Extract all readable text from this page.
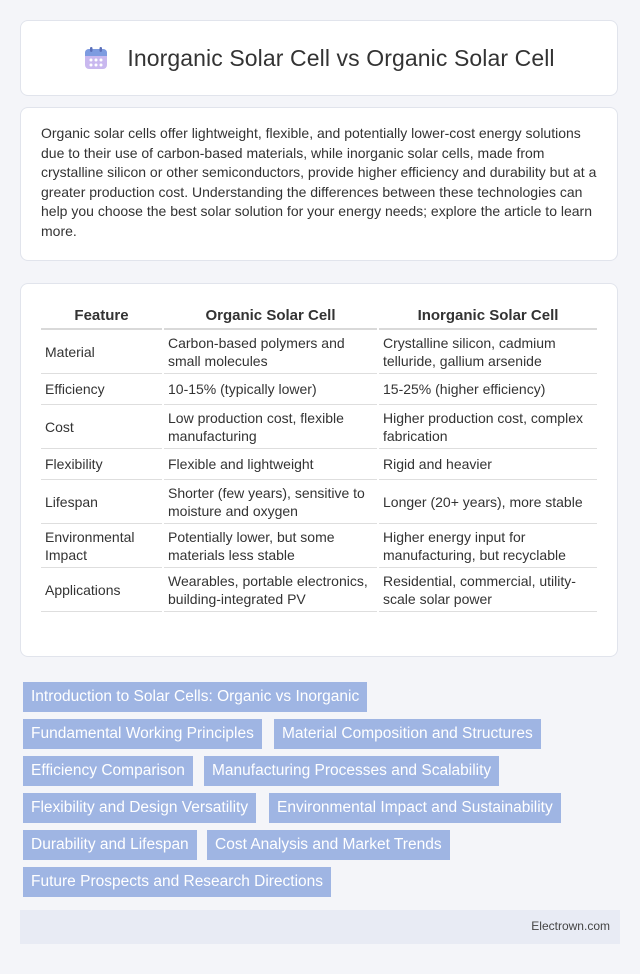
Inorganic Solar Cell vs Organic Solar Cell

Organic solar cells offer lightweight, flexible, and potentially lower-cost energy solutions due to their use of carbon-based materials, while inorganic solar cells, made from crystalline silicon or other semiconductors, provide higher efficiency and durability but at a greater production cost. Understanding the differences between these technologies can help you choose the best solar solution for your energy needs; explore the article to learn more.

Feature	Organic Solar Cell	Inorganic Solar Cell
Material	Carbon-based polymers and small molecules	Crystalline silicon, cadmium telluride, gallium arsenide
Efficiency	10-15% (typically lower)	15-25% (higher efficiency)
Cost	Low production cost, flexible manufacturing	Higher production cost, complex fabrication
Flexibility	Flexible and lightweight	Rigid and heavier
Lifespan	Shorter (few years), sensitive to moisture and oxygen	Longer (20+ years), more stable
Environmental Impact	Potentially lower, but some materials less stable	Higher energy input for manufacturing, but recyclable
Applications	Wearables, portable electronics, building-integrated PV	Residential, commercial, utility-scale solar power
Introduction to Solar Cells: Organic vs Inorganic
Fundamental Working Principles	Material Composition and Structures
Efficiency Comparison	Manufacturing Processes and Scalability
Flexibility and Design Versatility	Environmental Impact and Sustainability
Durability and Lifespan	Cost Analysis and Market Trends
Future Prospects and Research Directions
Electrown.com
